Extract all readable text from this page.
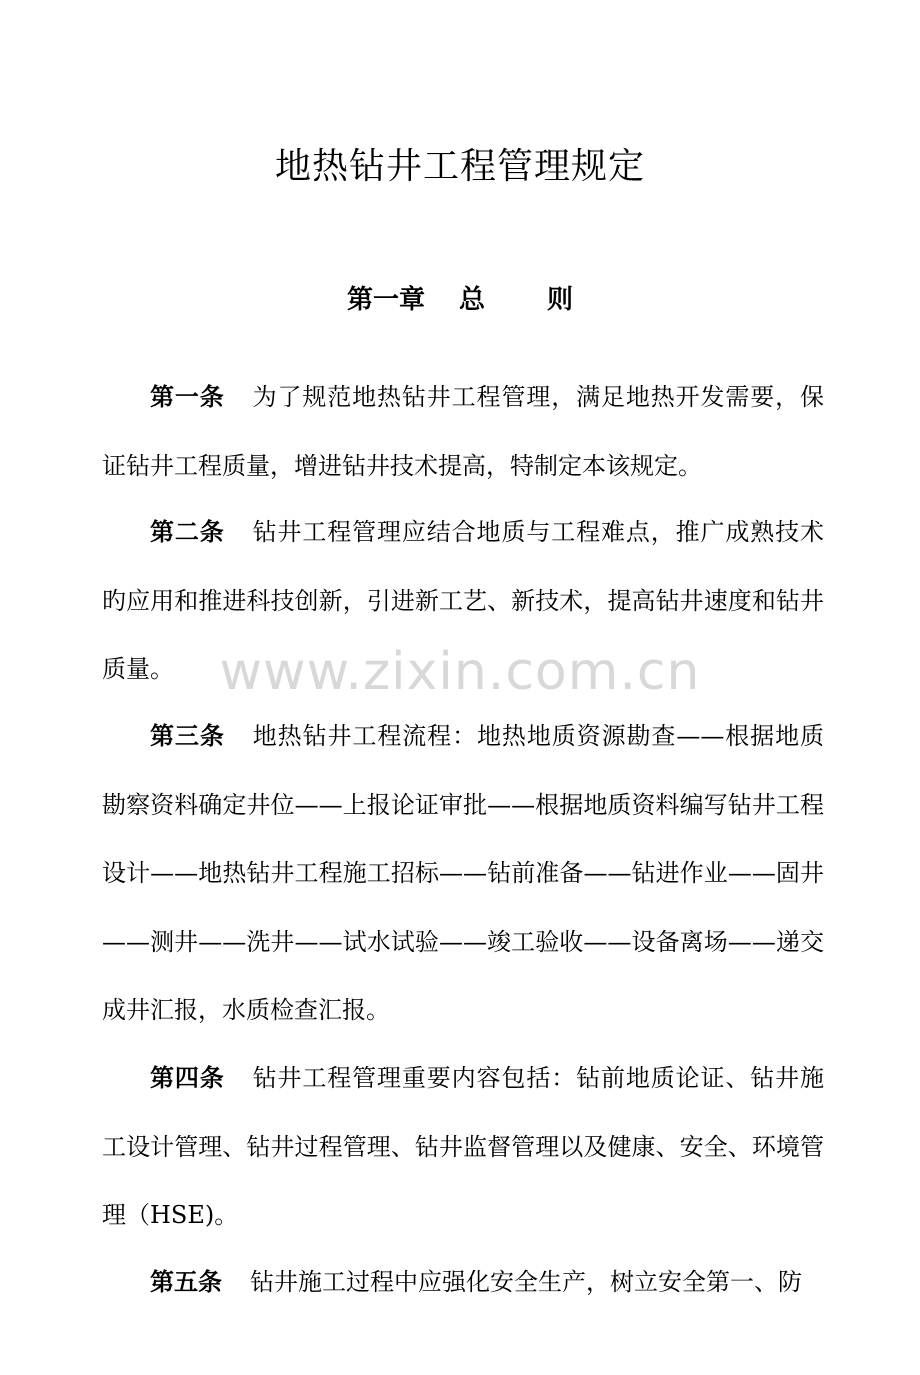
地热钻井工程管理规定
第一章 总 则

第一条 为了规范地热钻井工程管理，满足地热开发需要，保证钻井工程质量，增进钻井技术提高，特制定本该规定。

第二条 钻井工程管理应结合地质与工程难点，推广成熟技术旳应用和推进科技创新，引进新工艺、新技术，提高钻井速度和钻井质量。

第三条 地热钻井工程流程：地热地质资源勘查——根据地质勘察资料确定井位——上报论证审批——根据地质资料编写钻井工程设计——地热钻井工程施工招标——钻前准备——钻进作业——固井——测井——洗井——试水试验——竣工验收——设备离场——递交成井汇报，水质检查汇报。

第四条 钻井工程管理重要内容包括：钻前地质论证、钻井施工设计管理、钻井过程管理、钻井监督管理以及健康、安全、环境管理（HSE)。

第五条 钻井施工过程中应强化安全生产，树立安全第一、防

www.zixin.com.cn
